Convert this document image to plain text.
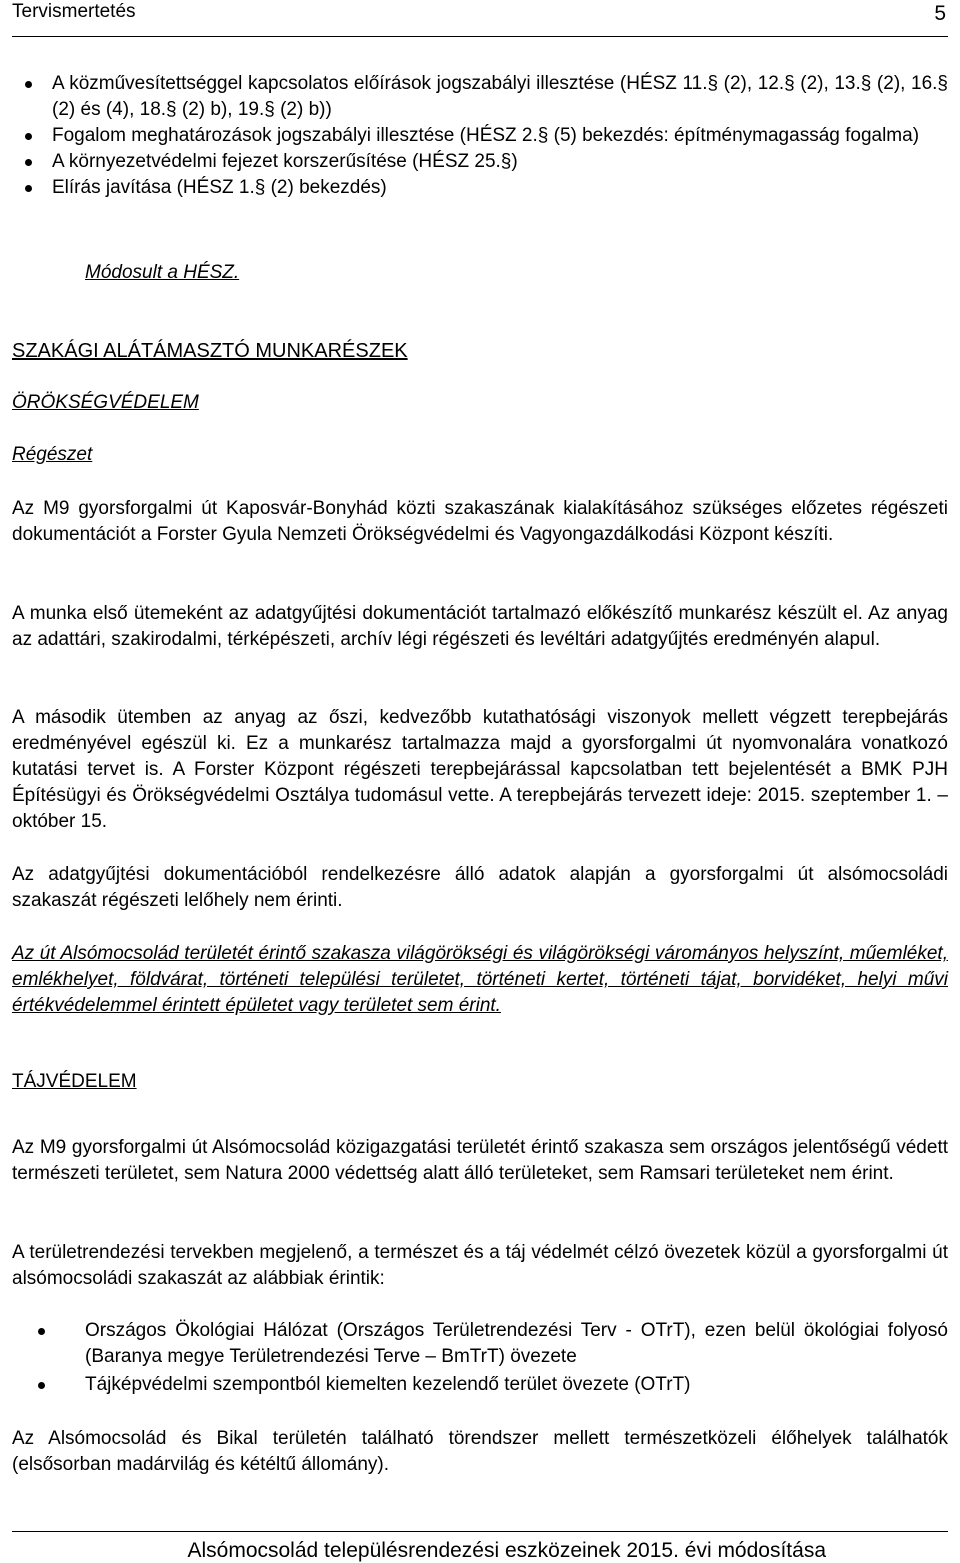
Tervismertetés	5
A közművesítettséggel kapcsolatos előírások jogszabályi illesztése (HÉSZ 11.§ (2), 12.§ (2), 13.§ (2), 16.§ (2) és (4), 18.§ (2) b), 19.§ (2) b))
Fogalom meghatározások jogszabályi illesztése (HÉSZ 2.§ (5) bekezdés: építménymagasság fogalma)
A környezetvédelmi fejezet korszerűsítése (HÉSZ 25.§)
Elírás javítása (HÉSZ 1.§ (2) bekezdés)
Módosult a HÉSZ.
SZAKÁGI ALÁTÁMASZTÓ MUNKARÉSZEK
ÖRÖKSÉGVÉDELEM
Régészet
Az M9 gyorsforgalmi út Kaposvár-Bonyhád közti szakaszának kialakításához szükséges előzetes régészeti dokumentációt a Forster Gyula Nemzeti Örökségvédelmi és Vagyongazdálkodási Központ készíti.
A munka első ütemeként az adatgyűjtési dokumentációt tartalmazó előkészítő munkarész készült el. Az anyag az adattári, szakirodalmi, térképészeti, archív légi régészeti és levéltári adatgyűjtés eredményén alapul.
A második ütemben az anyag az őszi, kedvezőbb kutathatósági viszonyok mellett végzett terepbejárás eredményével egészül ki. Ez a munkarész tartalmazza majd a gyorsforgalmi út nyomvonalára vonatkozó kutatási tervet is. A Forster Központ régészeti terepbejárással kapcsolatban tett bejelentését a BMK PJH Építésügyi és Örökségvédelmi Osztálya tudomásul vette. A terepbejárás tervezett ideje: 2015. szeptember 1. – október 15.
Az adatgyűjtési dokumentációból rendelkezésre álló adatok alapján a gyorsforgalmi út alsómocsoládi szakaszát régészeti lelőhely nem érinti.
Az út Alsómocsolád területét érintő szakasza világörökségi és világörökségi várományos helyszínt, műemléket, emlékhelyet, földvárat, történeti települési területet, történeti kertet, történeti tájat, borvidéket, helyi művi értékvédelemmel érintett épületet vagy területet sem érint.
TÁJVÉDELEM
Az M9 gyorsforgalmi út Alsómocsolád közigazgatási területét érintő szakasza sem országos jelentőségű védett természeti területet, sem Natura 2000 védettség alatt álló területeket, sem Ramsari területeket nem érint.
A területrendezési tervekben megjelenő, a természet és a táj védelmét célzó övezetek közül a gyorsforgalmi út alsómocsoládi szakaszát az alábbiak érintik:
Országos Ökológiai Hálózat (Országos Területrendezési Terv - OTrT), ezen belül ökológiai folyosó (Baranya megye Területrendezési Terve – BmTrT) övezete
Tájképvédelmi szempontból kiemelten kezelendő terület övezete (OTrT)
Az Alsómocsolád és Bikal területén található törendszer mellett természetközeli élőhelyek találhatók (elsősorban madárvilág és kétéltű állomány).
Alsómocsolád településrendezési eszközeinek 2015. évi módosítása
